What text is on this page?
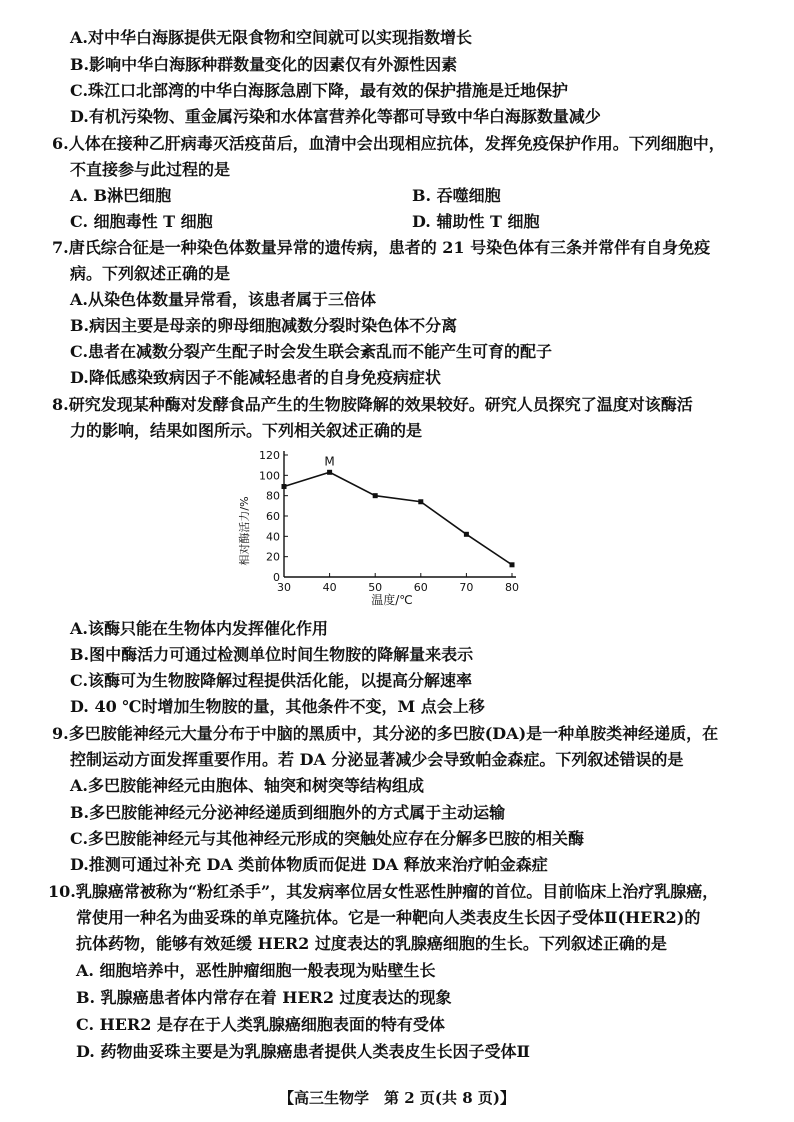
A.对中华白海豚提供无限食物和空间就可以实现指数增长
B.影响中华白海豚种群数量变化的因素仅有外源性因素
C.珠江口北部湾的中华白海豚急剧下降，最有效的保护措施是迁地保护
D.有机污染物、重金属污染和水体富营养化等都可导致中华白海豚数量减少
6.人体在接种乙肝病毒灭活疫苗后，血清中会出现相应抗体，发挥免疫保护作用。下列细胞中，
不直接参与此过程的是
A. B淋巴细胞	B. 吞噬细胞
C. 细胞毒性 T 细胞	D. 辅助性 T 细胞
7.唐氏综合征是一种染色体数量异常的遗传病，患者的 21 号染色体有三条并常伴有自身免疫
病。下列叙述正确的是
A.从染色体数量异常看，该患者属于三倍体
B.病因主要是母亲的卵母细胞减数分裂时染色体不分离
C.患者在减数分裂产生配子时会发生联会紊乱而不能产生可育的配子
D.降低感染致病因子不能减轻患者的自身免疫病症状
8.研究发现某种酶对发酵食品产生的生物胺降解的效果较好。研究人员探究了温度对该酶活
力的影响，结果如图所示。下列相关叙述正确的是
0
20
40
60
80
100
120
30	40	50	60	70	80
M
温度/℃
相对酶活力/%
A.该酶只能在生物体内发挥催化作用
B.图中酶活力可通过检测单位时间生物胺的降解量来表示
C.该酶可为生物胺降解过程提供活化能，以提高分解速率
D. 40 ℃时增加生物胺的量，其他条件不变，M 点会上移
9.多巴胺能神经元大量分布于中脑的黑质中，其分泌的多巴胺(DA)是一种单胺类神经递质，在
控制运动方面发挥重要作用。若 DA 分泌显著减少会导致帕金森症。下列叙述错误的是
A.多巴胺能神经元由胞体、轴突和树突等结构组成
B.多巴胺能神经元分泌神经递质到细胞外的方式属于主动运输
C.多巴胺能神经元与其他神经元形成的突触处应存在分解多巴胺的相关酶
D.推测可通过补充 DA 类前体物质而促进 DA 释放来治疗帕金森症
10.乳腺癌常被称为“粉红杀手”，其发病率位居女性恶性肿瘤的首位。目前临床上治疗乳腺癌，
常使用一种名为曲妥珠的单克隆抗体。它是一种靶向人类表皮生长因子受体Ⅱ(HER2)的
抗体药物，能够有效延缓 HER2 过度表达的乳腺癌细胞的生长。下列叙述正确的是
A. 细胞培养中，恶性肿瘤细胞一般表现为贴壁生长
B. 乳腺癌患者体内常存在着 HER2 过度表达的现象
C. HER2 是存在于人类乳腺癌细胞表面的特有受体
D. 药物曲妥珠主要是为乳腺癌患者提供人类表皮生长因子受体Ⅱ
【高三生物学　第 2 页(共 8 页)】
